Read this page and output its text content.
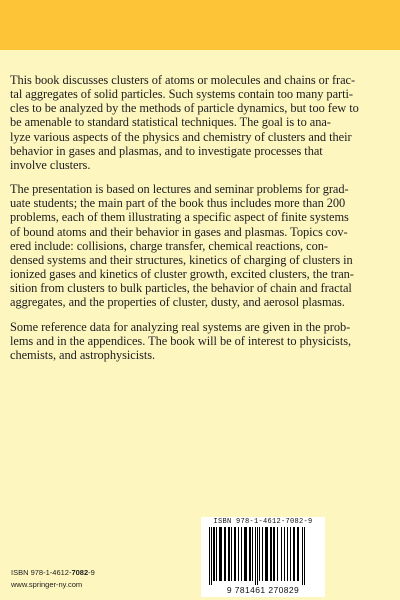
This book discusses clusters of atoms or molecules and chains or frac-
tal aggregates of solid particles. Such systems contain too many parti-
cles to be analyzed by the methods of particle dynamics, but too few to
be amenable to standard statistical techniques. The goal is to ana-
lyze various aspects of the physics and chemistry of clusters and their
behavior in gases and plasmas, and to investigate processes that
involve clusters.

The presentation is based on lectures and seminar problems for grad-
uate students; the main part of the book thus includes more than 200
problems, each of them illustrating a specific aspect of finite systems
of bound atoms and their behavior in gases and plasmas. Topics cov-
ered include: collisions, charge transfer, chemical reactions, con-
densed systems and their structures, kinetics of charging of clusters in
ionized gases and kinetics of cluster growth, excited clusters, the tran-
sition from clusters to bulk particles, the behavior of chain and fractal
aggregates, and the properties of cluster, dusty, and aerosol plasmas.

Some reference data for analyzing real systems are given in the prob-
lems and in the appendices. The book will be of interest to physicists,
chemists, and astrophysicists.

ISBN 978-1-4612-7082-9
9 781461 270829
ISBN 978-1-4612-7082-9
www.springer-ny.com
